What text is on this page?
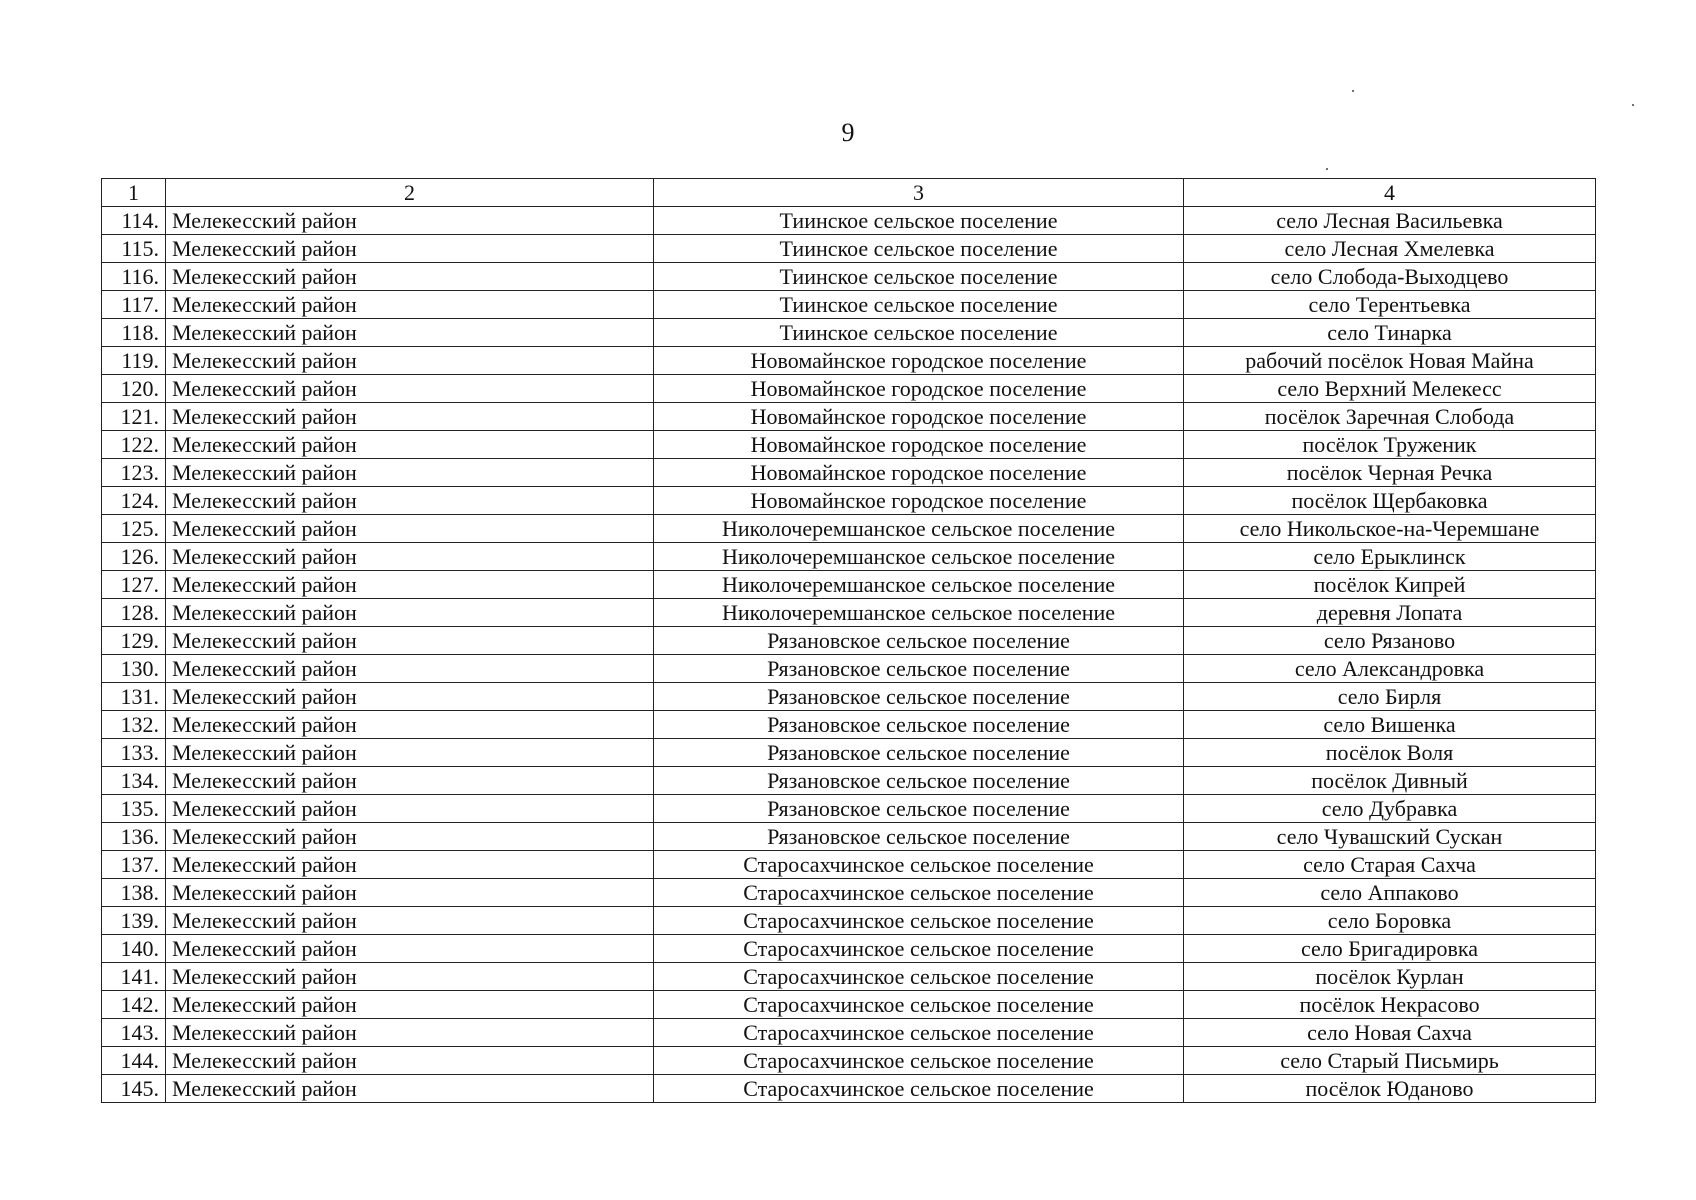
9
1	2	3	4
114.	Мелекесский район	Тиинское сельское поселение	село Лесная Васильевка
115.	Мелекесский район	Тиинское сельское поселение	село Лесная Хмелевка
116.	Мелекесский район	Тиинское сельское поселение	село Слобода-Выходцево
117.	Мелекесский район	Тиинское сельское поселение	село Терентьевка
118.	Мелекесский район	Тиинское сельское поселение	село Тинарка
119.	Мелекесский район	Новомайнское городское поселение	рабочий посёлок Новая Майна
120.	Мелекесский район	Новомайнское городское поселение	село Верхний Мелекесс
121.	Мелекесский район	Новомайнское городское поселение	посёлок Заречная Слобода
122.	Мелекесский район	Новомайнское городское поселение	посёлок Труженик
123.	Мелекесский район	Новомайнское городское поселение	посёлок Черная Речка
124.	Мелекесский район	Новомайнское городское поселение	посёлок Щербаковка
125.	Мелекесский район	Николочеремшанское сельское поселение	село Никольское-на-Черемшане
126.	Мелекесский район	Николочеремшанское сельское поселение	село Ерыклинск
127.	Мелекесский район	Николочеремшанское сельское поселение	посёлок Кипрей
128.	Мелекесский район	Николочеремшанское сельское поселение	деревня Лопата
129.	Мелекесский район	Рязановское сельское поселение	село Рязаново
130.	Мелекесский район	Рязановское сельское поселение	село Александровка
131.	Мелекесский район	Рязановское сельское поселение	село Бирля
132.	Мелекесский район	Рязановское сельское поселение	село Вишенка
133.	Мелекесский район	Рязановское сельское поселение	посёлок Воля
134.	Мелекесский район	Рязановское сельское поселение	посёлок Дивный
135.	Мелекесский район	Рязановское сельское поселение	село Дубравка
136.	Мелекесский район	Рязановское сельское поселение	село Чувашский Сускан
137.	Мелекесский район	Старосахчинское сельское поселение	село Старая Сахча
138.	Мелекесский район	Старосахчинское сельское поселение	село Аппаково
139.	Мелекесский район	Старосахчинское сельское поселение	село Боровка
140.	Мелекесский район	Старосахчинское сельское поселение	село Бригадировка
141.	Мелекесский район	Старосахчинское сельское поселение	посёлок Курлан
142.	Мелекесский район	Старосахчинское сельское поселение	посёлок Некрасово
143.	Мелекесский район	Старосахчинское сельское поселение	село Новая Сахча
144.	Мелекесский район	Старосахчинское сельское поселение	село Старый Письмирь
145.	Мелекесский район	Старосахчинское сельское поселение	посёлок Юданово
